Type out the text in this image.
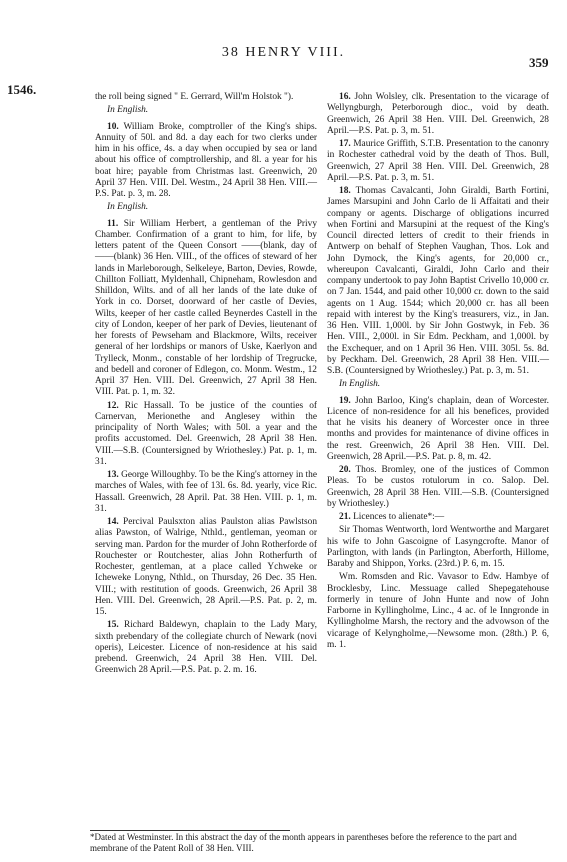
38 HENRY VIII.
1546.
359

the roll being signed " E. Gerrard, Will'm Holstok ").

In English.

10. William Broke, comptroller of the King's ships. Annuity of 50l. and 8d. a day each for two clerks under him in his office, 4s. a day when occupied by sea or land about his office of comptrollership, and 8l. a year for his boat hire; payable from Christmas last. Greenwich, 20 April 37 Hen. VIII. Del. Westm., 24 April 38 Hen. VIII.—P.S. Pat. p. 3, m. 28.

In English.

11. Sir William Herbert, a gentleman of the Privy Chamber. Confirmation of a grant to him, for life, by letters patent of the Queen Consort ——(blank, day of ——(blank) 36 Hen. VIII., of the offices of steward of her lands in Marleborough, Selkeleye, Barton, Devies, Rowde, Chillton Folliatt, Myldenhall, Chipneham, Rowlesdon and Shilldon, Wilts. and of all her lands of the late duke of York in co. Dorset, doorward of her castle of Devies, Wilts, keeper of her castle called Beynerdes Castell in the city of London, keeper of her park of Devies, lieutenant of her forests of Pewseham and Blackmore, Wilts, receiver general of her lordships or manors of Uske, Kaerlyon and Trylleck, Monm., constable of her lordship of Tregrucke, and bedell and coroner of Edlegon, co. Monm. Westm., 12 April 37 Hen. VIII. Del. Greenwich, 27 April 38 Hen. VIII. Pat. p. 1, m. 32.

12. Ric Hassall. To be justice of the counties of Carnervan, Merionethe and Anglesey within the principality of North Wales; with 50l. a year and the profits accustomed. Del. Greenwich, 28 April 38 Hen. VIII.—S.B. (Countersigned by Wriothesley.) Pat. p. 1, m. 31.

13. George Willoughby. To be the King's attorney in the marches of Wales, with fee of 13l. 6s. 8d. yearly, vice Ric. Hassall. Greenwich, 28 April. Pat. 38 Hen. VIII. p. 1, m. 31.

14. Percival Paulsxton alias Paulston alias Pawlstson alias Pawston, of Walrige, Nthld., gentleman, yeoman or serving man. Pardon for the murder of John Rotherforde of Rouchester or Routchester, alias John Rotherfurth of Rochester, gentleman, at a place called Ychweke or Icheweke Lonyng, Nthld., on Thursday, 26 Dec. 35 Hen. VIII.; with restitution of goods. Greenwich, 26 April 38 Hen. VIII. Del. Greenwich, 28 April.—P.S. Pat. p. 2, m. 15.

15. Richard Baldewyn, chaplain to the Lady Mary, sixth prebendary of the collegiate church of Newark (novi operis), Leicester. Licence of non-residence at his said prebend. Greenwich, 24 April 38 Hen. VIII. Del. Greenwich 28 April.—P.S. Pat. p. 2. m. 16.

16. John Wolsley, clk. Presentation to the vicarage of Wellyngburgh, Peterborough dioc., void by death. Greenwich, 26 April 38 Hen. VIII. Del. Greenwich, 28 April.—P.S. Pat. p. 3, m. 51.

17. Maurice Griffith, S.T.B. Presentation to the canonry in Rochester cathedral void by the death of Thos. Bull, Greenwich, 27 April 38 Hen. VIII. Del. Greenwich, 28 April.—P.S. Pat. p. 3, m. 51.

18. Thomas Cavalcanti, John Giraldi, Barth Fortini, James Marsupini and John Carlo de li Affaitati and their company or agents. Discharge of obligations incurred when Fortini and Marsupini at the request of the King's Council directed letters of credit to their friends in Antwerp on behalf of Stephen Vaughan, Thos. Lok and John Dymock, the King's agents, for 20,000 cr., whereupon Cavalcanti, Giraldi, John Carlo and their company undertook to pay John Baptist Crivello 10,000 cr. on 7 Jan. 1544, and paid other 10,000 cr. down to the said agents on 1 Aug. 1544; which 20,000 cr. has all been repaid with interest by the King's treasurers, viz., in Jan. 36 Hen. VIII. 1,000l. by Sir John Gostwyk, in Feb. 36 Hen. VIII., 2,000l. in Sir Edm. Peckham, and 1,000l. by the Exchequer, and on 1 April 36 Hen. VIII. 305l. 5s. 8d. by Peckham. Del. Greenwich, 28 April 38 Hen. VIII.—S.B. (Countersigned by Wriothesley.) Pat. p. 3, m. 51.

In English.

19. John Barloo, King's chaplain, dean of Worcester. Licence of non-residence for all his benefices, provided that he visits his deanery of Worcester once in three months and provides for maintenance of divine offices in the rest. Greenwich, 26 April 38 Hen. VIII. Del. Greenwich, 28 April.—P.S. Pat. p. 8, m. 42.

20. Thos. Bromley, one of the justices of Common Pleas. To be custos rotulorum in co. Salop. Del. Greenwich, 28 April 38 Hen. VIII.—S.B. (Countersigned by Wriothesley.)

21. Licences to alienate*:—

Sir Thomas Wentworth, lord Wentworthe and Margaret his wife to John Gascoigne of Lasyngcrofte. Manor of Parlington, with lands (in Parlington, Aberforth, Hillome, Baraby and Shippon, Yorks. (23rd.) P. 6, m. 15.

Wm. Romsden and Ric. Vavasor to Edw. Hambye of Brocklesby, Linc. Messuage called Shepegatehouse formerly in tenure of John Hunte and now of John Farborne in Kyllingholme, Linc., 4 ac. of le Inngronde in Kyllingholme Marsh, the rectory and the advowson of the vicarage of Kelyngholme,—Newsome mon. (28th.) P. 6, m. 1.

*Dated at Westminster. In this abstract the day of the month appears in parentheses before the reference to the part and membrane of the Patent Roll of 38 Hen. VIII.
